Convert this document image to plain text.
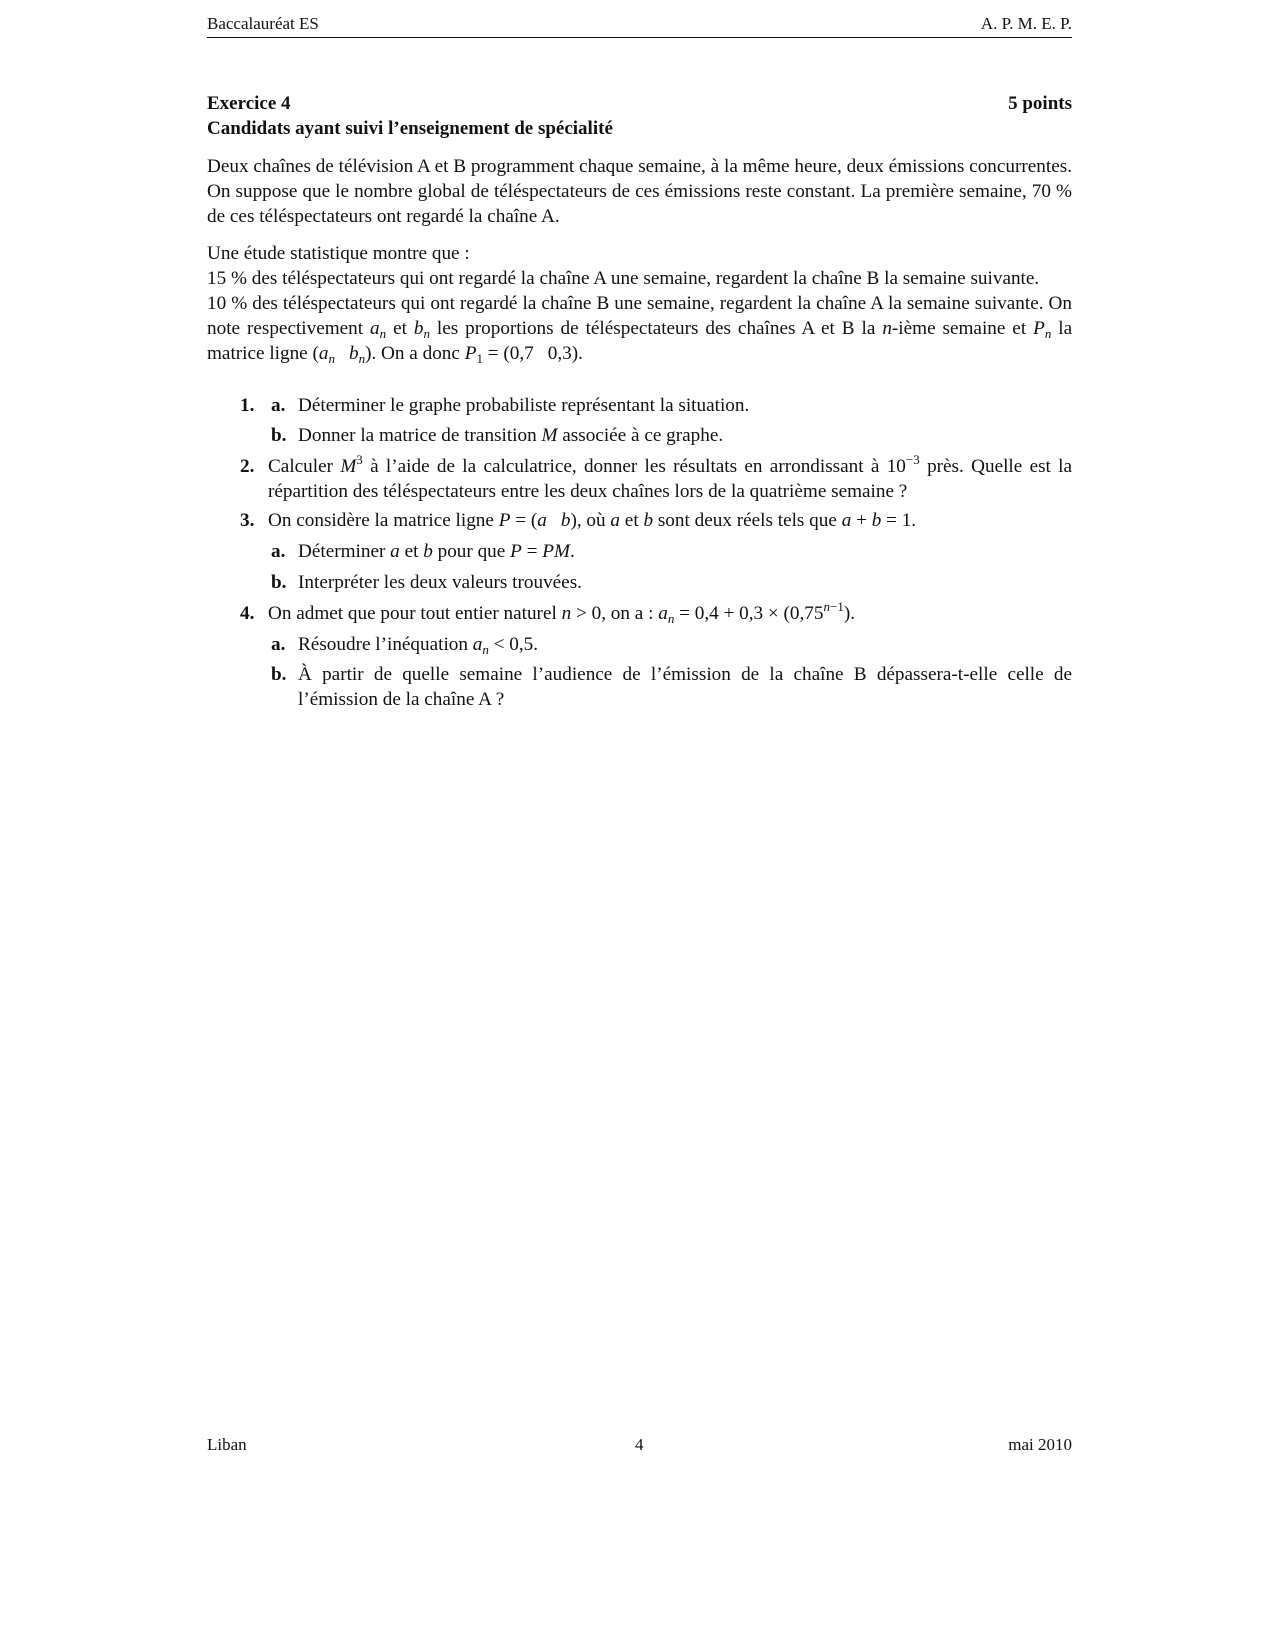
Baccalauréat ES	A. P. M. E. P.
Exercice 4	5 points
Candidats ayant suivi l’enseignement de spécialité

Deux chaînes de télévision A et B programment chaque semaine, à la même heure, deux émissions concurrentes. On suppose que le nombre global de téléspectateurs de ces émissions reste constant. La première semaine, 70 % de ces téléspectateurs ont regardé la chaîne A.

Une étude statistique montre que :

15 % des téléspectateurs qui ont regardé la chaîne A une semaine, regardent la chaîne B la semaine suivante.

10 % des téléspectateurs qui ont regardé la chaîne B une semaine, regardent la chaîne A la semaine suivante. On note respectivement $a_n$ et $b_n$ les proportions de téléspectateurs des chaînes A et B la n-ième semaine et $P_n$ la matrice ligne ($a_n$ $b_n$). On a donc $P_1 = (0,7$ 0,3).

1. a. Déterminer le graphe probabiliste représentant la situation.
b. Donner la matrice de transition M associée à ce graphe.
2. Calculer $M^3$ à l’aide de la calculatrice, donner les résultats en arrondissant à $10^{-3}$ près. Quelle est la répartition des téléspectateurs entre les deux chaînes lors de la quatrième semaine ?
3. On considère la matrice ligne P = (a b), où a et b sont deux réels tels que a + b = 1.
a. Déterminer a et b pour que P = PM.
b. Interpréter les deux valeurs trouvées.
4. On admet que pour tout entier naturel n > 0, on a : $a_n = 0,4 + 0,3 \times (0,75^{n-1})$.
a. Résoudre l’inéquation $a_n < 0,5$.
b. À partir de quelle semaine l’audience de l’émission de la chaîne B dépassera-t-elle celle de l’émission de la chaîne A ?
Liban	4	mai 2010
